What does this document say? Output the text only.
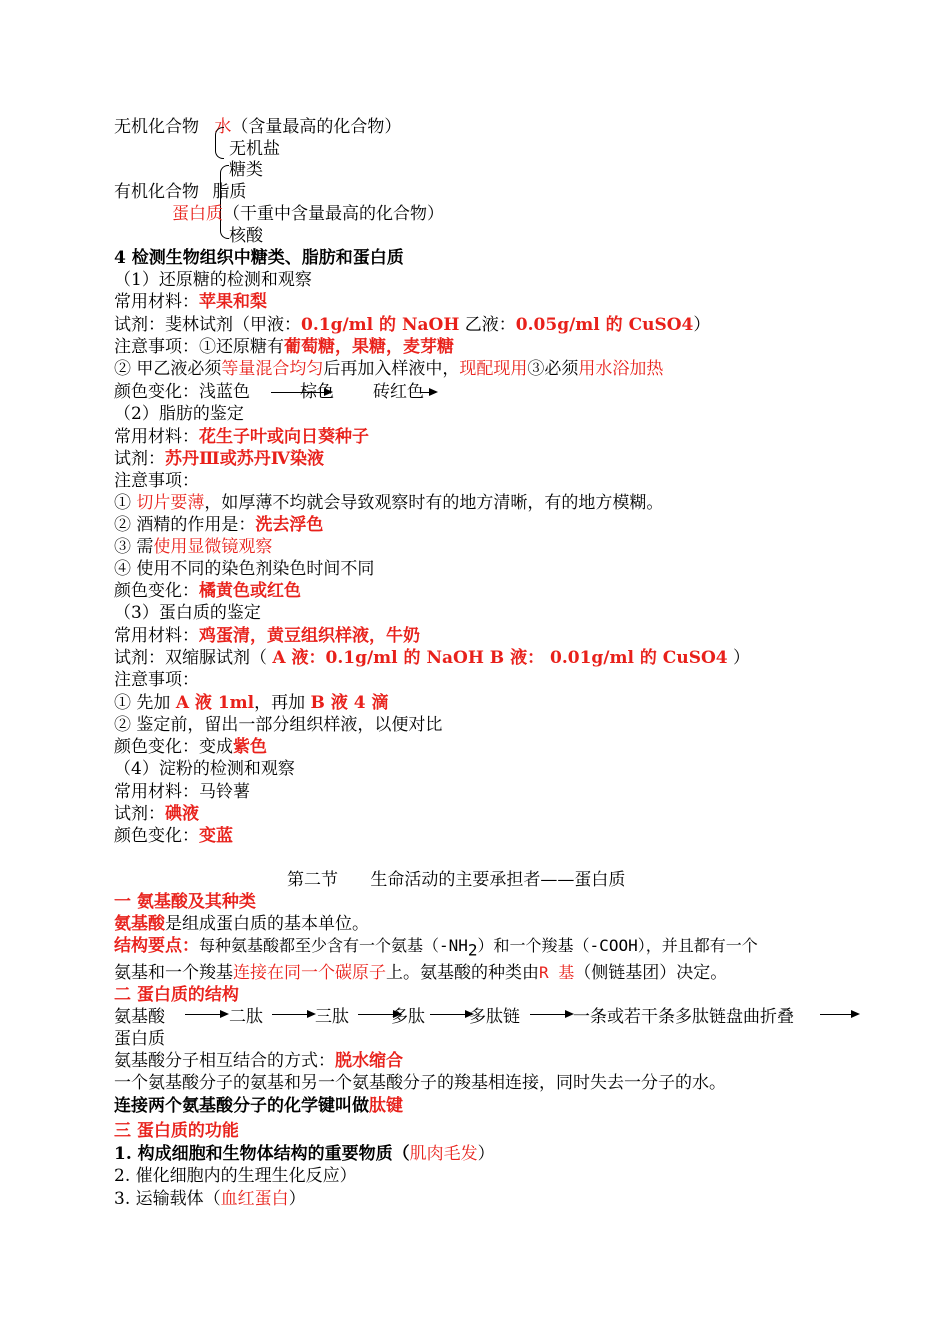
无机化合物 水（含量最高的化合物）
无机盐
糖类
有机化合物 脂质
蛋白质（干重中含量最高的化合物）
核酸
4 检测生物组织中糖类、脂肪和蛋白质
（1）还原糖的检测和观察
常用材料：苹果和梨
试剂：斐林试剂（甲液：0.1g/ml 的 NaOH 乙液：0.05g/ml 的 CuSO4）
注意事项：①还原糖有葡萄糖，果糖，麦芽糖
② 甲乙液必须等量混合均匀后再加入样液中，现配现用③必须用水浴加热
颜色变化：浅蓝色	棕色 砖红色
（2）脂肪的鉴定
常用材料：花生子叶或向日葵种子
试剂：苏丹Ⅲ或苏丹Ⅳ染液
注意事项：
① 切片要薄，如厚薄不均就会导致观察时有的地方清晰，有的地方模糊。
② 酒精的作用是：洗去浮色
③ 需使用显微镜观察
④ 使用不同的染色剂染色时间不同
颜色变化：橘黄色或红色
（3）蛋白质的鉴定
常用材料：鸡蛋清，黄豆组织样液，牛奶
试剂：双缩脲试剂（ A 液：0.1g/ml 的 NaOH B 液： 0.01g/ml 的 CuSO4 ）
注意事项：
① 先加 A 液 1ml，再加 B 液 4 滴
② 鉴定前，留出一部分组织样液，以便对比
颜色变化：变成紫色
（4）淀粉的检测和观察
常用材料：马铃薯
试剂：碘液
颜色变化：变蓝
第二节      生命活动的主要承担者——蛋白质
一 氨基酸及其种类
氨基酸是组成蛋白质的基本单位。
结构要点：每种氨基酸都至少含有一个氨基$(-NH_2)$和一个羧基（-COOH），并且都有一个
氨基和一个羧基连接在同一个碳原子上。氨基酸的种类由R 基（侧链基团）决定。
二 蛋白质的结构
氨基酸	二肽	三肽 多肽	多肽链	一条或若干条多肽链盘曲折叠
蛋白质
氨基酸分子相互结合的方式：脱水缩合
一个氨基酸分子的氨基和另一个氨基酸分子的羧基相连接，同时失去一分子的水。
连接两个氨基酸分子的化学键叫做肽键
三 蛋白质的功能
1. 构成细胞和生物体结构的重要物质（肌肉毛发）
2. 催化细胞内的生理生化反应）
3. 运输载体（血红蛋白）
